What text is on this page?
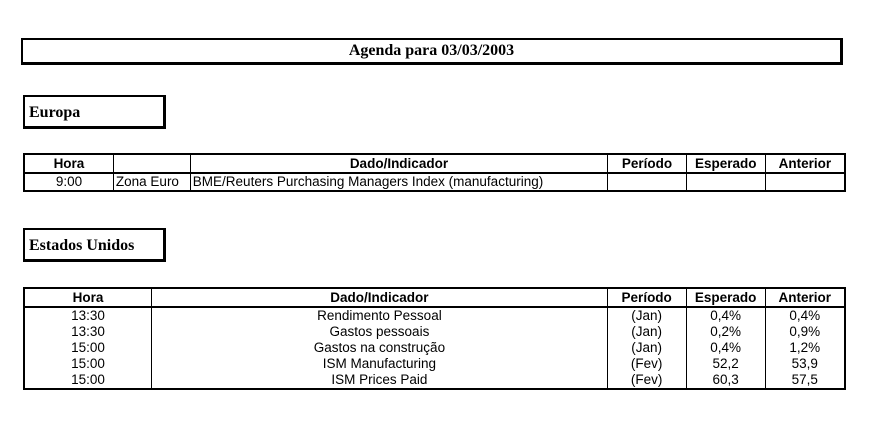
Agenda para 03/03/2003
Europa
Hora		Dado/Indicador	Período	Esperado	Anterior
9:00	Zona Euro	BME/Reuters Purchasing Managers Index (manufacturing)			
Estados Unidos
Hora	Dado/Indicador	Período	Esperado	Anterior
13:30	Rendimento Pessoal	(Jan)	0,4%	0,4%
13:30	Gastos pessoais	(Jan)	0,2%	0,9%
15:00	Gastos na construção	(Jan)	0,4%	1,2%
15:00	ISM Manufacturing	(Fev)	52,2	53,9
15:00	ISM Prices Paid	(Fev)	60,3	57,5
